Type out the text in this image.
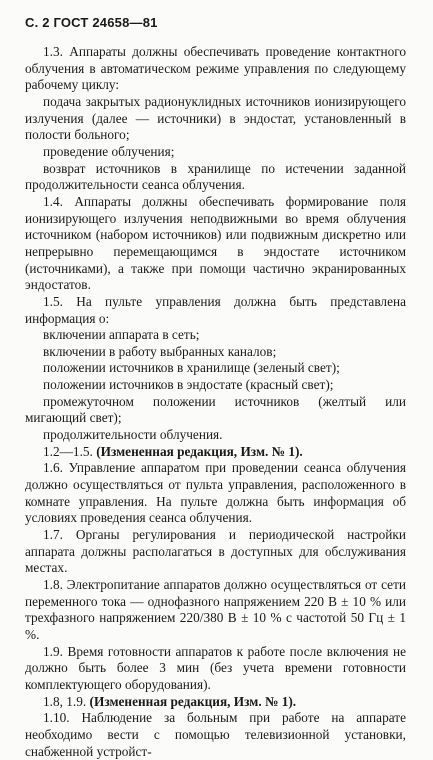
С. 2 ГОСТ 24658—81

1.3. Аппараты должны обеспечивать проведение контактного облучения в автоматическом режиме управления по следующему рабочему циклу:

подача закрытых радионуклидных источников ионизирующего излучения (далее — источники) в эндостат, установленный в полости больного;

проведение облучения;

возврат источников в хранилище по истечении заданной продолжительности сеанса облучения.

1.4. Аппараты должны обеспечивать формирование поля ионизирующего излучения неподвижными во время облучения источником (набором источников) или подвижным дискретно или непрерывно перемещающимся в эндостате источником (источниками), а также при помощи частично экранированных эндостатов.

1.5. На пульте управления должна быть представлена информация о:

включении аппарата в сеть;

включении в работу выбранных каналов;

положении источников в хранилище (зеленый свет);

положении источников в эндостате (красный свет);

промежуточном положении источников (желтый или мигающий свет);

продолжительности облучения.

1.2—1.5. (Измененная редакция, Изм. № 1).

1.6. Управление аппаратом при проведении сеанса облучения должно осуществляться от пульта управления, расположенного в комнате управления. На пульте должна быть информация об условиях проведения сеанса облучения.

1.7. Органы регулирования и периодической настройки аппарата должны располагаться в доступных для обслуживания местах.

1.8. Электропитание аппаратов должно осуществляться от сети переменного тока — однофазного напряжением 220 В ± 10 % или трехфазного напряжением 220/380 В ± 10 % с частотой 50 Гц ± 1 %.

1.9. Время готовности аппаратов к работе после включения не должно быть более 3 мин (без учета времени готовности комплектующего оборудования).

1.8, 1.9. (Измененная редакция, Изм. № 1).

1.10. Наблюдение за больным при работе на аппарате необходимо вести с помощью телевизионной установки, снабженной устройст-
